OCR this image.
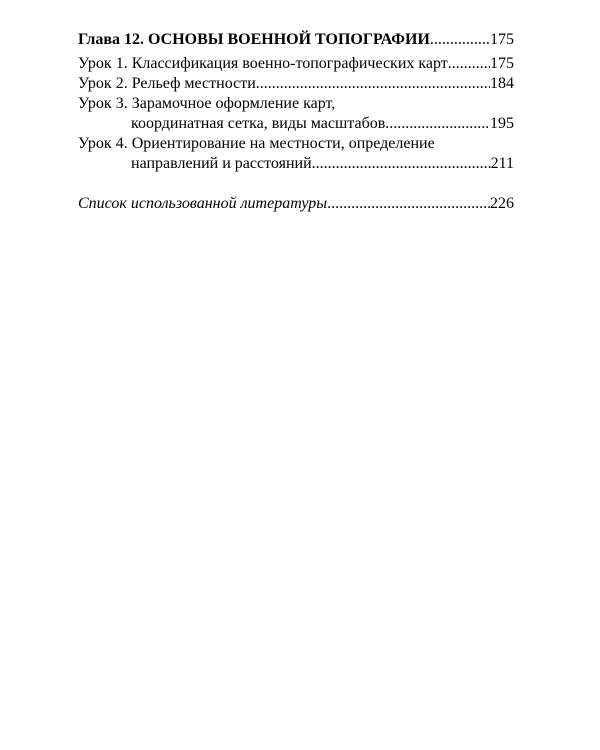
Глава 12. ОСНОВЫ ВОЕННОЙ ТОПОГРАФИИ .....	175
Урок 1. Классификация военно-топографических карт .....	175
Урок 2. Рельеф местности .....	184
Урок 3. Зарамочное оформление карт,
координатная сетка, виды масштабов .....	195
Урок 4. Ориентирование на местности, определение
направлений и расстояний .....	211
Список использованной литературы .....	226
